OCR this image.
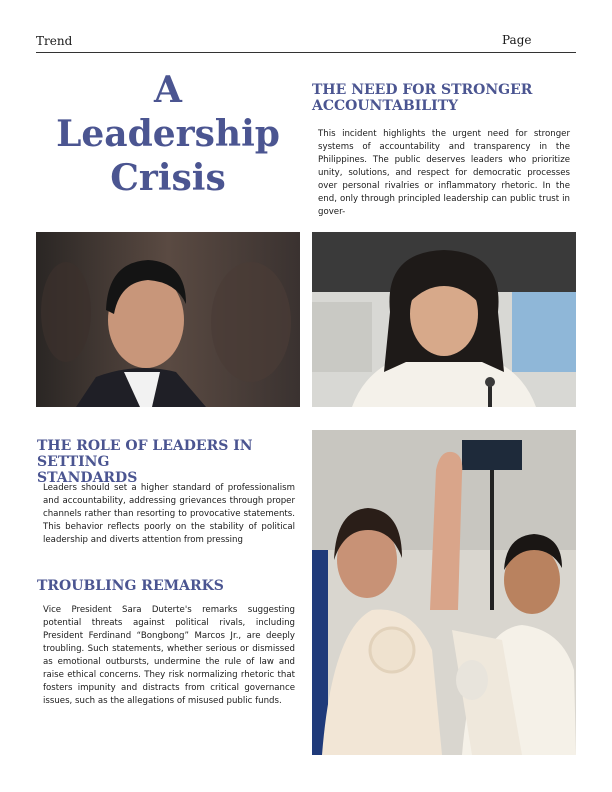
Trend	Page
A
Leadership
Crisis
THE NEED FOR STRONGER
ACCOUNTABILITY
This incident highlights the urgent need for stronger systems of accountability and transparency in the Philippines. The public deserves leaders who prioritize unity, solutions, and respect for democratic processes over personal rivalries or inflammatory rhetoric. In the end, only through principled leadership can public trust in gover-
THE ROLE OF LEADERS IN SETTING
STANDARDS
Leaders should set a higher standard of professionalism and accountability, addressing grievances through proper channels rather than resorting to provocative statements. This behavior reflects poorly on the stability of political leadership and diverts attention from pressing
TROUBLING REMARKS
Vice President Sara Duterte's remarks suggesting potential threats against political rivals, including President Ferdinand “Bongbong” Marcos Jr., are deeply troubling. Such statements, whether serious or dismissed as emotional outbursts, undermine the rule of law and raise ethical concerns. They risk normalizing rhetoric that fosters impunity and distracts from critical governance issues, such as the allegations of misused public funds.
